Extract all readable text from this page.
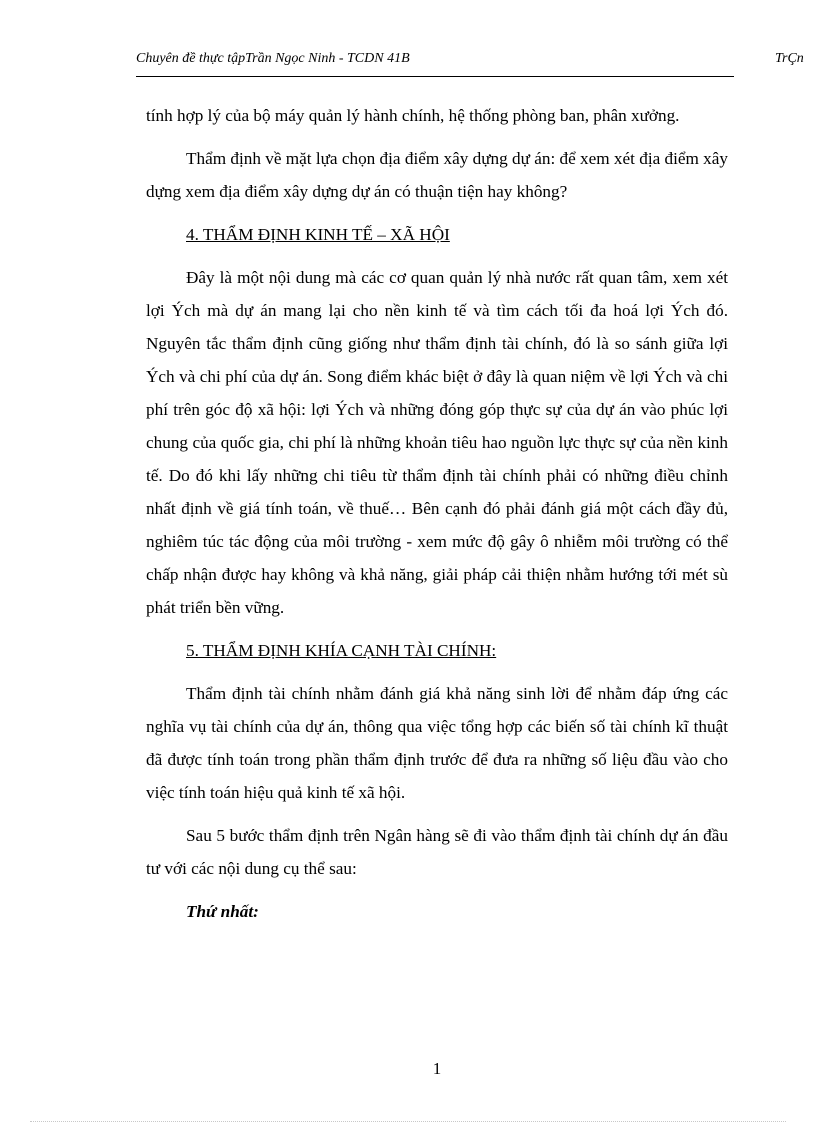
Chuyên đề thực tậpTrần Ngọc Ninh - TCDN 41B	TrÇn

tính hợp lý của bộ máy quản lý hành chính, hệ thống phòng ban, phân xưởng.

Thẩm định về mặt lựa chọn địa điểm xây dựng dự án: để xem xét địa điểm xây dựng xem địa điểm xây dựng dự án có thuận tiện hay không?

4. THẨM ĐỊNH KINH TẾ – XÃ HỘI

Đây là một nội dung mà các cơ quan quản lý nhà nước rất quan tâm, xem xét lợi Ých mà dự án mang lại cho nền kinh tế và tìm cách tối đa hoá lợi Ých đó. Nguyên tắc thẩm định cũng giống như thẩm định tài chính, đó là so sánh giữa lợi Ých và chi phí của dự án. Song điểm khác biệt ở đây là quan niệm về lợi Ých và chi phí trên góc độ xã hội: lợi Ých và những đóng góp thực sự của dự án vào phúc lợi chung của quốc gia, chi phí là những khoản tiêu hao nguồn lực thực sự của nền kinh tế. Do đó khi lấy những chi tiêu từ thẩm định tài chính phải có những điều chỉnh nhất định về giá tính toán, về thuế… Bên cạnh đó phải đánh giá một cách đầy đủ, nghiêm túc tác động của môi trường - xem mức độ gây ô nhiễm môi trường có thể chấp nhận được hay không và khả năng, giải pháp cải thiện nhằm hướng tới mét sù phát triển bền vững.

5. THẨM ĐỊNH KHÍA CẠNH TÀI CHÍNH:

Thẩm định tài chính nhằm đánh giá khả năng sinh lời để nhằm đáp ứng các nghĩa vụ tài chính của dự án, thông qua việc tổng hợp các biến số tài chính kĩ thuật đã được tính toán trong phần thẩm định trước để đưa ra những số liệu đầu vào cho việc tính toán hiệu quả kinh tế xã hội.

Sau 5 bước thẩm định trên Ngân hàng sẽ đi vào thẩm định tài chính dự án đầu tư với các nội dung cụ thể sau:

Thứ nhất:
1
